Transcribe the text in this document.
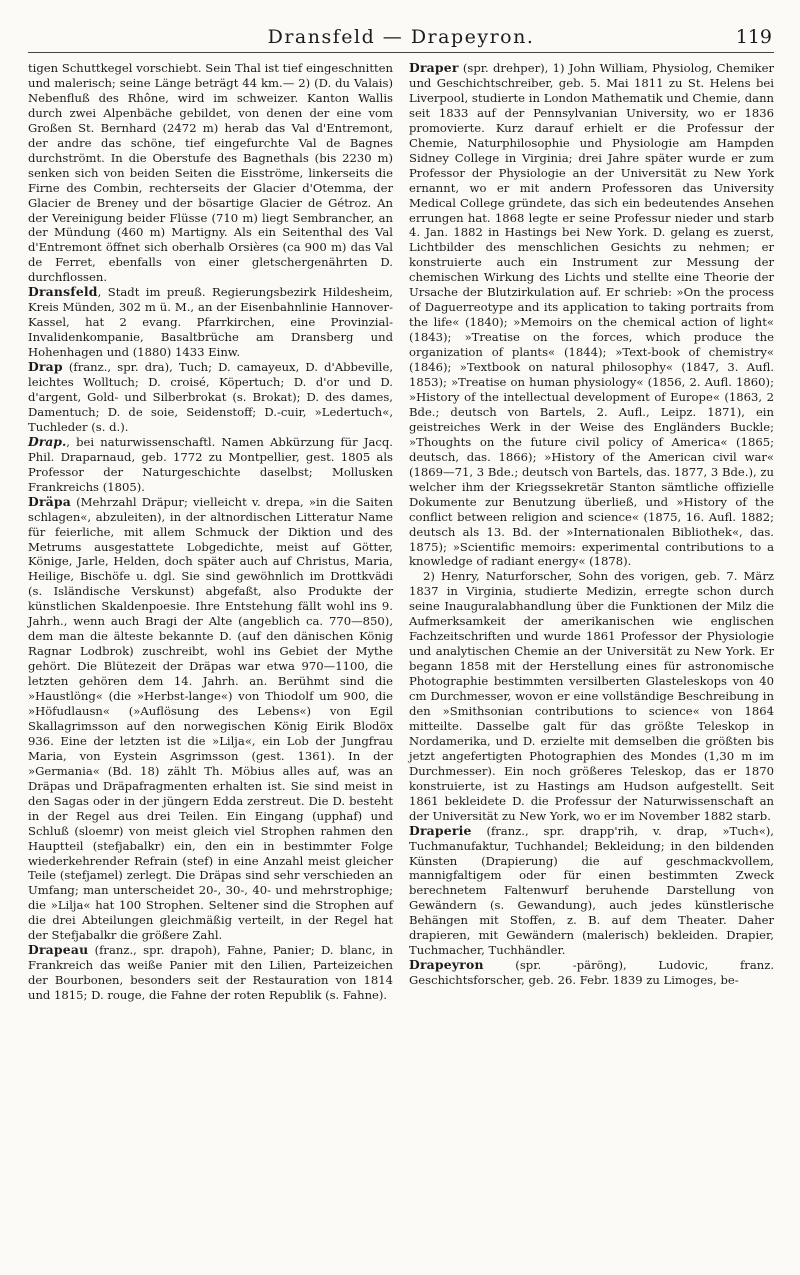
Dransfeld — Drapeyron.	119

tigen Schuttkegel vorschiebt. Sein Thal ist tief eingeschnitten und malerisch; seine Länge beträgt 44 km.— 2) (D. du Valais) Nebenfluß des Rhône, wird im schweizer. Kanton Wallis durch zwei Alpenbäche gebildet, von denen der eine vom Großen St. Bernhard (2472 m) herab das Val d'Entremont, der andre das schöne, tief eingefurchte Val de Bagnes durchströmt. In die Oberstufe des Bagnethals (bis 2230 m) senken sich von beiden Seiten die Eisströme, linkerseits die Firne des Combin, rechterseits der Glacier d'Otemma, der Glacier de Breney und der bösartige Glacier de Gétroz. An der Vereinigung beider Flüsse (710 m) liegt Sembrancher, an der Mündung (460 m) Martigny. Als ein Seitenthal des Val d'Entremont öffnet sich oberhalb Orsières (ca 900 m) das Val de Ferret, ebenfalls von einer gletschergenährten D. durchflossen.

Dransfeld, Stadt im preuß. Regierungsbezirk Hildesheim, Kreis Münden, 302 m ü. M., an der Eisenbahnlinie Hannover-Kassel, hat 2 evang. Pfarrkirchen, eine Provinzial-Invalidenkompanie, Basaltbrüche am Dransberg und Hohenhagen und (1880) 1433 Einw.

Drap (franz., spr. dra), Tuch; D. camayeux, D. d'Abbeville, leichtes Wolltuch; D. croisé, Köpertuch; D. d'or und D. d'argent, Gold- und Silberbrokat (s. Brokat); D. des dames, Damentuch; D. de soie, Seidenstoff; D.-cuir, »Ledertuch«, Tuchleder (s. d.).

Drap., bei naturwissenschaftl. Namen Abkürzung für Jacq. Phil. Draparnaud, geb. 1772 zu Montpellier, gest. 1805 als Professor der Naturgeschichte daselbst; Mollusken Frankreichs (1805).

Dräpa (Mehrzahl Dräpur; vielleicht v. drepa, »in die Saiten schlagen«, abzuleiten), in der altnordischen Litteratur Name für feierliche, mit allem Schmuck der Diktion und des Metrums ausgestattete Lobgedichte, meist auf Götter, Könige, Jarle, Helden, doch später auch auf Christus, Maria, Heilige, Bischöfe u. dgl. Sie sind gewöhnlich im Drottkvädi (s. Isländische Verskunst) abgefaßt, also Produkte der künstlichen Skaldenpoesie. Ihre Entstehung fällt wohl ins 9. Jahrh., wenn auch Bragi der Alte (angeblich ca. 770—850), dem man die älteste bekannte D. (auf den dänischen König Ragnar Lodbrok) zuschreibt, wohl ins Gebiet der Mythe gehört. Die Blütezeit der Dräpas war etwa 970—1100, die letzten gehören dem 14. Jahrh. an. Berühmt sind die »Haustlöng« (die »Herbst-lange«) von Thiodolf um 900, die »Höfudlausn« (»Auflösung des Lebens«) von Egil Skallagrimsson auf den norwegischen König Eirik Blodöx 936. Eine der letzten ist die »Lilja«, ein Lob der Jungfrau Maria, von Eystein Asgrimsson (gest. 1361). In der »Germania« (Bd. 18) zählt Th. Möbius alles auf, was an Dräpas und Dräpafragmenten erhalten ist. Sie sind meist in den Sagas oder in der jüngern Edda zerstreut. Die D. besteht in der Regel aus drei Teilen. Ein Eingang (upphaf) und Schluß (sloemr) von meist gleich viel Strophen rahmen den Hauptteil (stefjabalkr) ein, den ein in bestimmter Folge wiederkehrender Refrain (stef) in eine Anzahl meist gleicher Teile (stefjamel) zerlegt. Die Dräpas sind sehr verschieden an Umfang; man unterscheidet 20-, 30-, 40- und mehrstrophige; die »Lilja« hat 100 Strophen. Seltener sind die Strophen auf die drei Abteilungen gleichmäßig verteilt, in der Regel hat der Stefjabalkr die größere Zahl.

Drapeau (franz., spr. drapoh), Fahne, Panier; D. blanc, in Frankreich das weiße Panier mit den Lilien, Parteizeichen der Bourbonen, besonders seit der Restauration von 1814 und 1815; D. rouge, die Fahne der roten Republik (s. Fahne).

Draper (spr. drehper), 1) John William, Physiolog, Chemiker und Geschichtschreiber, geb. 5. Mai 1811 zu St. Helens bei Liverpool, studierte in London Mathematik und Chemie, dann seit 1833 auf der Pennsylvanian University, wo er 1836 promovierte. Kurz darauf erhielt er die Professur der Chemie, Naturphilosophie und Physiologie am Hampden Sidney College in Virginia; drei Jahre später wurde er zum Professor der Physiologie an der Universität zu New York ernannt, wo er mit andern Professoren das University Medical College gründete, das sich ein bedeutendes Ansehen errungen hat. 1868 legte er seine Professur nieder und starb 4. Jan. 1882 in Hastings bei New York. D. gelang es zuerst, Lichtbilder des menschlichen Gesichts zu nehmen; er konstruierte auch ein Instrument zur Messung der chemischen Wirkung des Lichts und stellte eine Theorie der Ursache der Blutzirkulation auf. Er schrieb: »On the process of Daguerreotype and its application to taking portraits from the life« (1840); »Memoirs on the chemical action of light« (1843); »Treatise on the forces, which produce the organization of plants« (1844); »Text-book of chemistry« (1846); »Textbook on natural philosophy« (1847, 3. Aufl. 1853); »Treatise on human physiology« (1856, 2. Aufl. 1860); »History of the intellectual development of Europe« (1863, 2 Bde.; deutsch von Bartels, 2. Aufl., Leipz. 1871), ein geistreiches Werk in der Weise des Engländers Buckle; »Thoughts on the future civil policy of America« (1865; deutsch, das. 1866); »History of the American civil war« (1869—71, 3 Bde.; deutsch von Bartels, das. 1877, 3 Bde.), zu welcher ihm der Kriegssekretär Stanton sämtliche offizielle Dokumente zur Benutzung überließ, und »History of the conflict between religion and science« (1875, 16. Aufl. 1882; deutsch als 13. Bd. der »Internationalen Bibliothek«, das. 1875); »Scientific memoirs: experimental contributions to a knowledge of radiant energy« (1878).

2) Henry, Naturforscher, Sohn des vorigen, geb. 7. März 1837 in Virginia, studierte Medizin, erregte schon durch seine Inauguralabhandlung über die Funktionen der Milz die Aufmerksamkeit der amerikanischen wie englischen Fachzeitschriften und wurde 1861 Professor der Physiologie und analytischen Chemie an der Universität zu New York. Er begann 1858 mit der Herstellung eines für astronomische Photographie bestimmten versilberten Glasteleskops von 40 cm Durchmesser, wovon er eine vollständige Beschreibung in den »Smithsonian contributions to science« von 1864 mitteilte. Dasselbe galt für das größte Teleskop in Nordamerika, und D. erzielte mit demselben die größten bis jetzt angefertigten Photographien des Mondes (1,30 m im Durchmesser). Ein noch größeres Teleskop, das er 1870 konstruierte, ist zu Hastings am Hudson aufgestellt. Seit 1861 bekleidete D. die Professur der Naturwissenschaft an der Universität zu New York, wo er im November 1882 starb.

Draperie (franz., spr. drapp'rih, v. drap, »Tuch«), Tuchmanufaktur, Tuchhandel; Bekleidung; in den bildenden Künsten (Drapierung) die auf geschmackvollem, mannigfaltigem oder für einen bestimmten Zweck berechnetem Faltenwurf beruhende Darstellung von Gewändern (s. Gewandung), auch jedes künstlerische Behängen mit Stoffen, z. B. auf dem Theater. Daher drapieren, mit Gewändern (malerisch) bekleiden. Drapier, Tuchmacher, Tuchhändler.

Drapeyron (spr. -päröng), Ludovic, franz. Geschichtsforscher, geb. 26. Febr. 1839 zu Limoges, be-
